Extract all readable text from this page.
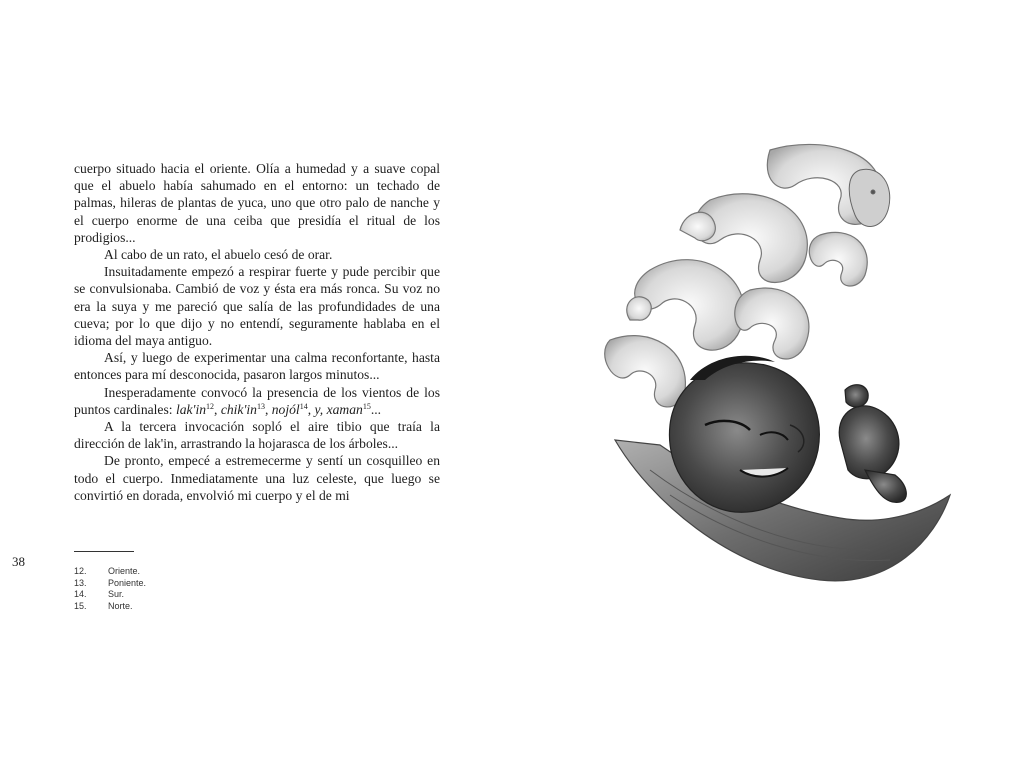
cuerpo situado hacia el oriente. Olía a humedad y a suave copal que el abuelo había sahumado en el entorno: un techado de palmas, hileras de plantas de yuca, uno que otro palo de nanche y el cuerpo enorme de una ceiba que presidía el ritual de los prodigios...

Al cabo de un rato, el abuelo cesó de orar.

Insuitadamente empezó a respirar fuerte y pude percibir que se convulsionaba. Cambió de voz y ésta era más ronca. Su voz no era la suya y me pareció que salía de las profundidades de una cueva; por lo que dijo y no entendí, seguramente hablaba en el idioma del maya antiguo.

Así, y luego de experimentar una calma reconfortante, hasta entonces para mí desconocida, pasaron largos minutos...

Inesperadamente convocó la presencia de los vientos de los puntos cardinales: $lak'in^{12}$, $chik'in^{13}$, nojól$^{14}$, y, xaman$^{15}$...

A la tercera invocación sopló el aire tibio que traía la dirección de lak'in, arrastrando la hojarasca de los árboles...

De pronto, empecé a estremecerme y sentí un cosquilleo en todo el cuerpo. Inmediatamente una luz celeste, que luego se convirtió en dorada, envolvió mi cuerpo y el de mi

38
12.	Oriente.
13.	Poniente.
14.	Sur.
15.	Norte.
